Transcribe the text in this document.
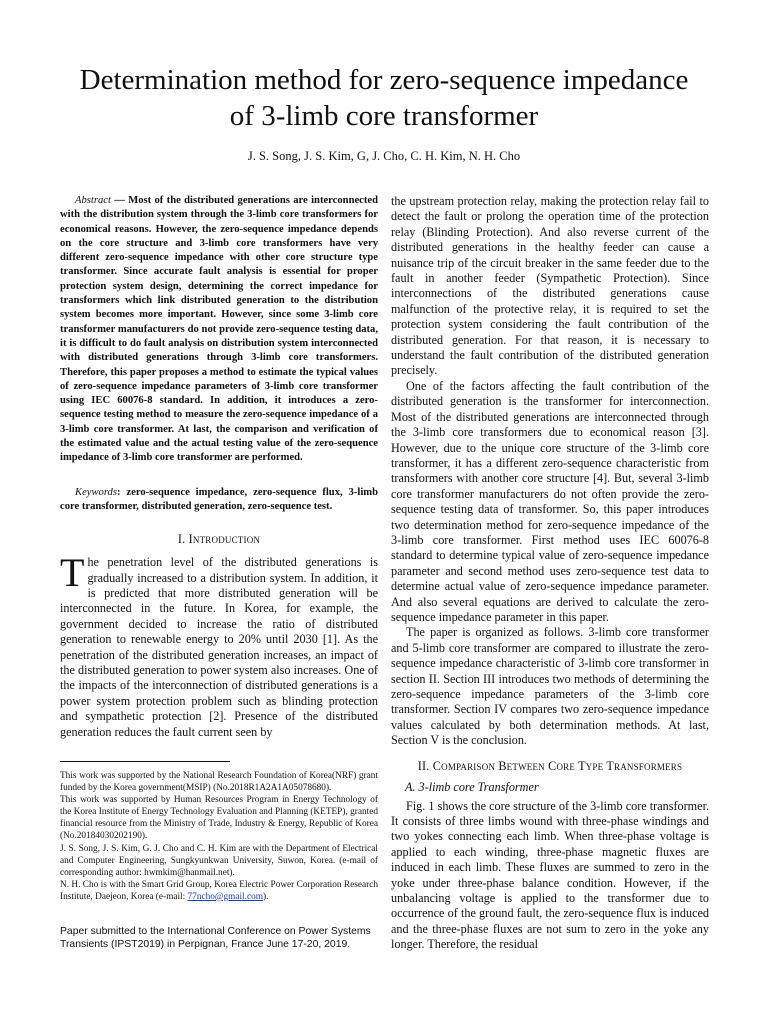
Determination method for zero-sequence impedance
of 3-limb core transformer
J. S. Song, J. S. Kim, G, J. Cho, C. H. Kim, N. H. Cho

Abstract — Most of the distributed generations are interconnected with the distribution system through the 3-limb core transformers for economical reasons. However, the zero-sequence impedance depends on the core structure and 3-limb core transformers have very different zero-sequence impedance with other core structure type transformer. Since accurate fault analysis is essential for proper protection system design, determining the correct impedance for transformers which link distributed generation to the distribution system becomes more important. However, since some 3-limb core transformer manufacturers do not provide zero-sequence testing data, it is difficult to do fault analysis on distribution system interconnected with distributed generations through 3-limb core transformers. Therefore, this paper proposes a method to estimate the typical values of zero-sequence impedance parameters of 3-limb core transformer using IEC 60076-8 standard. In addition, it introduces a zero-sequence testing method to measure the zero-sequence impedance of a 3-limb core transformer. At last, the comparison and verification of the estimated value and the actual testing value of the zero-sequence impedance of 3-limb core transformer are performed.

Keywords: zero-sequence impedance, zero-sequence flux, 3-limb core transformer, distributed generation, zero-sequence test.

I. Introduction

The penetration level of the distributed generations is gradually increased to a distribution system. In addition, it is predicted that more distributed generation will be interconnected in the future. In Korea, for example, the government decided to increase the ratio of distributed generation to renewable energy to 20% until 2030 [1]. As the penetration of the distributed generation increases, an impact of the distributed generation to power system also increases. One of the impacts of the interconnection of distributed generations is a power system protection problem such as blinding protection and sympathetic protection [2]. Presence of the distributed generation reduces the fault current seen by

This work was supported by the National Research Foundation of Korea(NRF) grant funded by the Korea government(MSIP) (No.2018R1A2A1A05078680).

This work was supported by Human Resources Program in Energy Technology of the Korea Institute of Energy Technology Evaluation and Planning (KETEP), granted financial resource from the Ministry of Trade, Industry & Energy, Republic of Korea (No.20184030202190).

J. S. Song, J. S. Kim, G. J. Cho and C. H. Kim are with the Department of Electrical and Computer Engineering, Sungkyunkwan University, Suwon, Korea. (e-mail of corresponding author: hwmkim@hanmail.net).

N. H. Cho is with the Smart Grid Group, Korea Electric Power Corporation Research Institute, Daejeon, Korea (e-mail: 77ncho@gmail.com).

Paper submitted to the International Conference on Power Systems Transients (IPST2019) in Perpignan, France June 17-20, 2019.

the upstream protection relay, making the protection relay fail to detect the fault or prolong the operation time of the protection relay (Blinding Protection). And also reverse current of the distributed generations in the healthy feeder can cause a nuisance trip of the circuit breaker in the same feeder due to the fault in another feeder (Sympathetic Protection). Since interconnections of the distributed generations cause malfunction of the protective relay, it is required to set the protection system considering the fault contribution of the distributed generation. For that reason, it is necessary to understand the fault contribution of the distributed generation precisely.

One of the factors affecting the fault contribution of the distributed generation is the transformer for interconnection. Most of the distributed generations are interconnected through the 3-limb core transformers due to economical reason [3]. However, due to the unique core structure of the 3-limb core transformer, it has a different zero-sequence characteristic from transformers with another core structure [4]. But, several 3-limb core transformer manufacturers do not often provide the zero-sequence testing data of transformer. So, this paper introduces two determination method for zero-sequence impedance of the 3-limb core transformer. First method uses IEC 60076-8 standard to determine typical value of zero-sequence impedance parameter and second method uses zero-sequence test data to determine actual value of zero-sequence impedance parameter. And also several equations are derived to calculate the zero-sequence impedance parameter in this paper.

The paper is organized as follows. 3-limb core transformer and 5-limb core transformer are compared to illustrate the zero-sequence impedance characteristic of 3-limb core transformer in section II. Section III introduces two methods of determining the zero-sequence impedance parameters of the 3-limb core transformer. Section IV compares two zero-sequence impedance values calculated by both determination methods. At last, Section V is the conclusion.

II. Comparison Between Core Type Transformers
A. 3-limb core Transformer

Fig. 1 shows the core structure of the 3-limb core transformer. It consists of three limbs wound with three-phase windings and two yokes connecting each limb. When three-phase voltage is applied to each winding, three-phase magnetic fluxes are induced in each limb. These fluxes are summed to zero in the yoke under three-phase balance condition. However, if the unbalancing voltage is applied to the transformer due to occurrence of the ground fault, the zero-sequence flux is induced and the three-phase fluxes are not sum to zero in the yoke any longer. Therefore, the residual
